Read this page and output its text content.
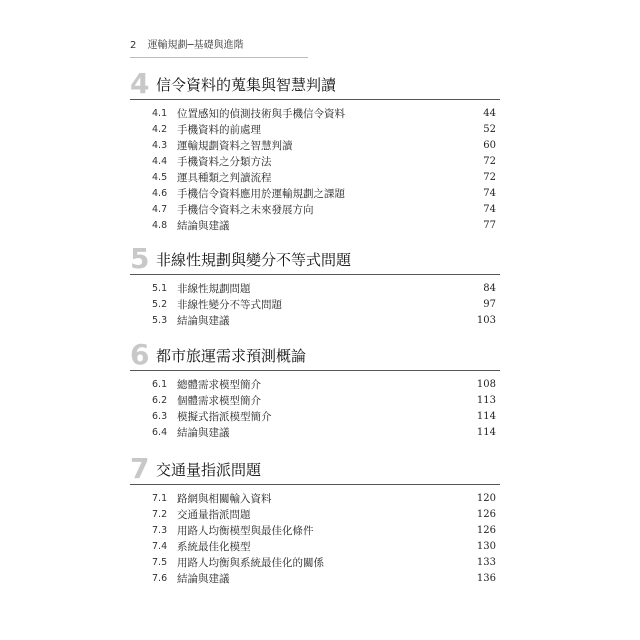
2 運輸規劃─基礎與進階
4 信令資料的蒐集與智慧判讀
4.1 位置感知的偵測技術與手機信令資料	44
4.2 手機資料的前處理	52
4.3 運輸規劃資料之智慧判讀	60
4.4 手機資料之分類方法	72
4.5 運具種類之判讀流程	72
4.6 手機信令資料應用於運輸規劃之課題	74
4.7 手機信令資料之未來發展方向	74
4.8 結論與建議	77
5 非線性規劃與變分不等式問題
5.1 非線性規劃問題	84
5.2 非線性變分不等式問題	97
5.3 結論與建議	103
6 都市旅運需求預測概論
6.1 總體需求模型簡介	108
6.2 個體需求模型簡介	113
6.3 模擬式指派模型簡介	114
6.4 結論與建議	114
7 交通量指派問題
7.1 路網與相關輸入資料	120
7.2 交通量指派問題	126
7.3 用路人均衡模型與最佳化條件	126
7.4 系統最佳化模型	130
7.5 用路人均衡與系統最佳化的關係	133
7.6 結論與建議	136
